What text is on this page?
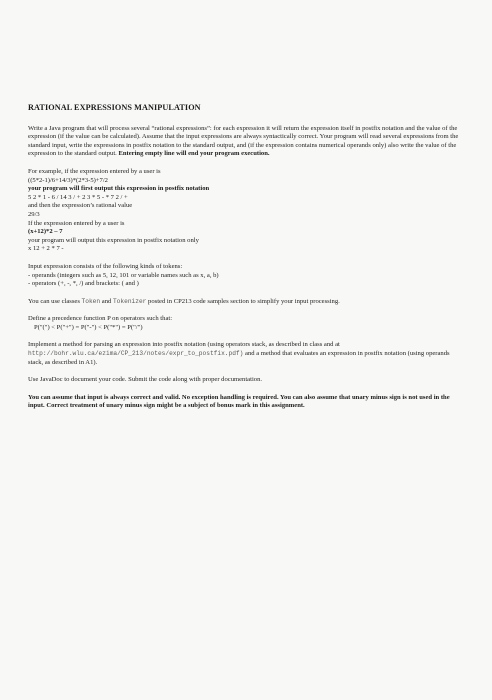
RATIONAL EXPRESSIONS MANIPULATION

Write a Java program that will process several “rational expressions”: for each expression it will return the expression itself in postfix notation and the value of the expression (if the value can be calculated). Assume that the input expressions are always syntactically correct. Your program will read several expressions from the standard input, write the expressions in postfix notation to the standard output, and (if the expression contains numerical operands only) also write the value of the expression to the standard output. Entering empty line will end your program execution.

For example, if the expression entered by a user is
((5*2-1)/6+14/3)*(2*3-5)+7/2
your program will first output this expression in postfix notation
5 2 * 1 - 6 / 14 3 / + 2 3 * 5 - * 7 2 / +
and then the expression’s rational value
29/3
If the expression entered by a user is
(x+12)*2 – 7
your program will output this expression in postfix notation only
x 12 + 2 * 7 -
Input expression consists of the following kinds of tokens:
- operands (integers such as 5, 12, 101 or variable names such as x, a, b)
- operators (+, -, *, /) and brackets: ( and )

You can use classes Token and Tokenizer posted in CP213 code samples section to simplify your input processing.

Define a precedence function P on operators such that:
P("(") < P("+") = P("-") < P("*") = P("/")

Implement a method for parsing an expression into postfix notation (using operators stack, as described in class and at http://bohr.wlu.ca/ezima/CP_213/notes/expr_to_postfix.pdf) and a method that evaluates an expression in postfix notation (using operands stack, as described in A1).

Use JavaDoc to document your code. Submit the code along with proper documentation.

You can assume that input is always correct and valid. No exception handling is required. You can also assume that unary minus sign is not used in the input. Correct treatment of unary minus sign might be a subject of bonus mark in this assignment.
